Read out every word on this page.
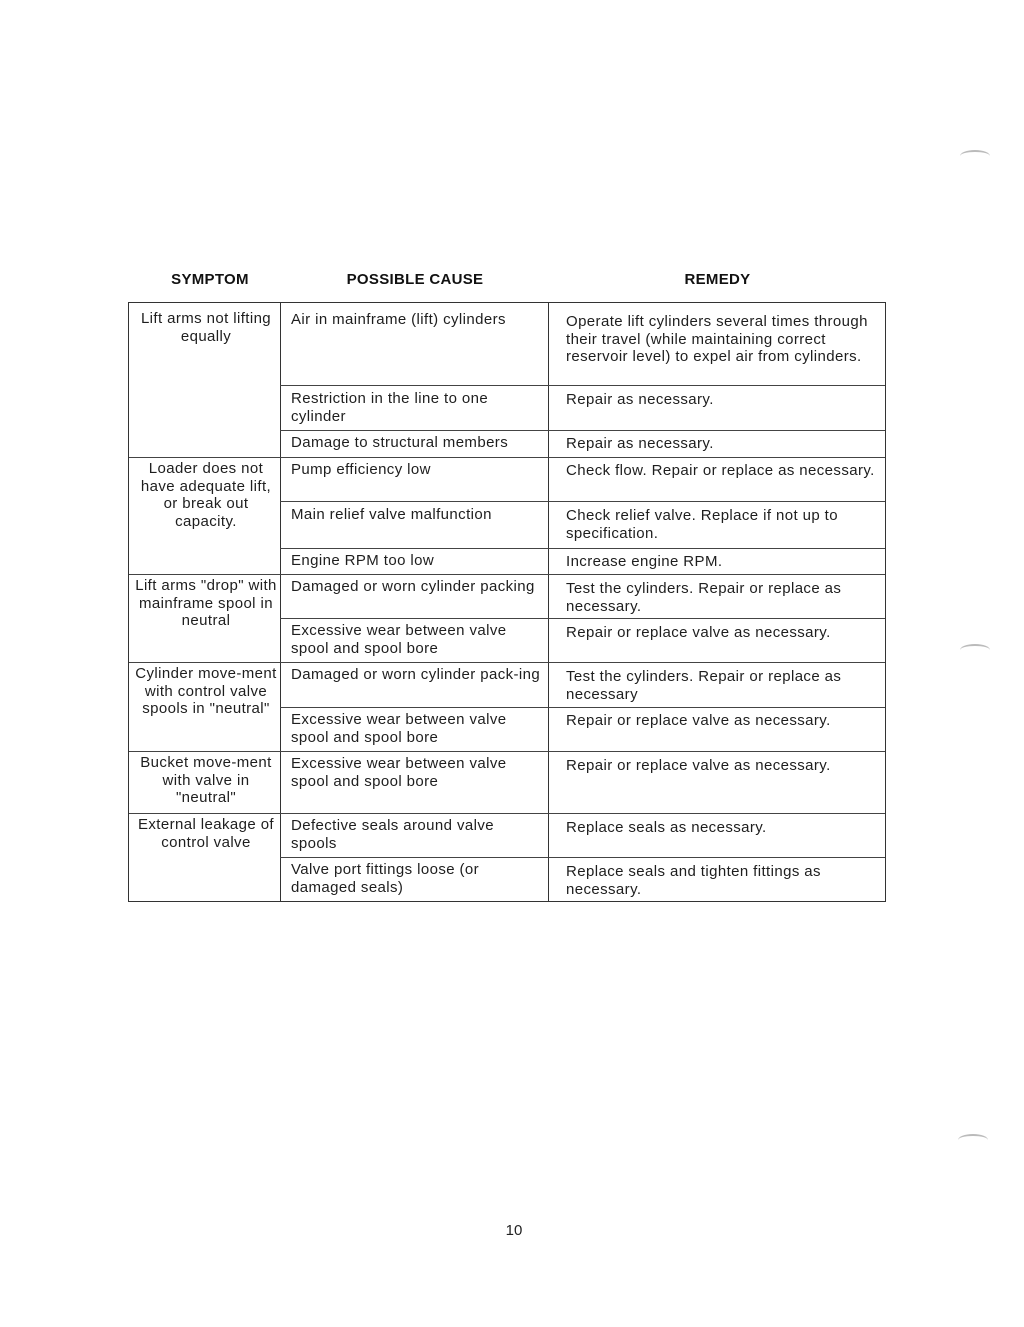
SYMPTOM	POSSIBLE CAUSE	REMEDY
Lift arms not lifting equally
Loader does not have adequate lift, or break out capacity.
Lift arms "drop" with mainframe spool in neutral
Cylinder move-ment with control valve spools in "neutral"
Bucket move-ment with valve in "neutral"
External leakage of control valve
Air in mainframe (lift) cylinders
Restriction in the line to one cylinder
Damage to structural members
Pump efficiency low
Main relief valve malfunction
Engine RPM too low
Damaged or worn cylinder packing
Excessive wear between valve spool and spool bore
Damaged or worn cylinder pack-ing
Excessive wear between valve spool and spool bore
Excessive wear between valve spool and spool bore
Defective seals around valve spools
Valve port fittings loose (or damaged seals)
Operate lift cylinders several times through their travel (while maintaining correct reservoir level) to expel air from cylinders.
Repair as necessary.
Repair as necessary.
Check flow. Repair or replace as necessary.
Check relief valve. Replace if not up to specification.
Increase engine RPM.
Test the cylinders. Repair or replace as necessary.
Repair or replace valve as necessary.
Test the cylinders. Repair or replace as necessary
Repair or replace valve as necessary.
Repair or replace valve as necessary.
Replace seals as necessary.
Replace seals and tighten fittings as necessary.
10
